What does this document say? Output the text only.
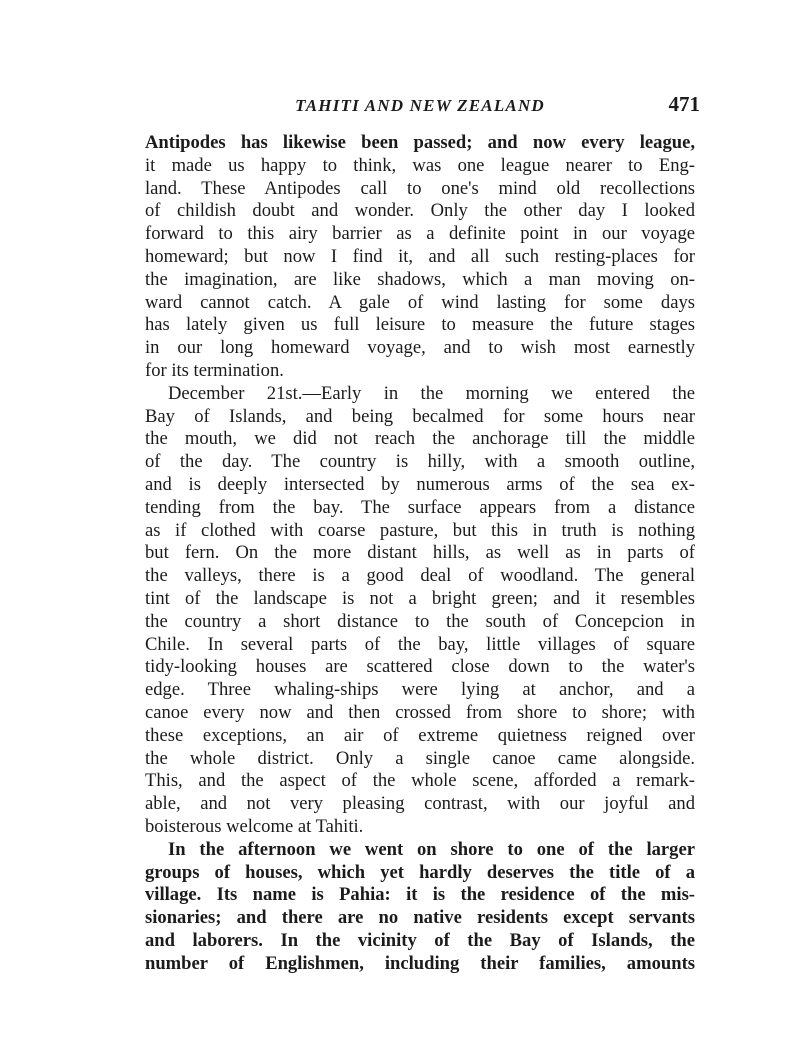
TAHITI AND NEW ZEALAND	471
Antipodes has likewise been passed; and now every league,
it made us happy to think, was one league nearer to Eng-
land. These Antipodes call to one's mind old recollections
of childish doubt and wonder. Only the other day I looked
forward to this airy barrier as a definite point in our voyage
homeward; but now I find it, and all such resting-places for
the imagination, are like shadows, which a man moving on-
ward cannot catch. A gale of wind lasting for some days
has lately given us full leisure to measure the future stages
in our long homeward voyage, and to wish most earnestly
for its termination.
December 21st.—Early in the morning we entered the
Bay of Islands, and being becalmed for some hours near
the mouth, we did not reach the anchorage till the middle
of the day. The country is hilly, with a smooth outline,
and is deeply intersected by numerous arms of the sea ex-
tending from the bay. The surface appears from a distance
as if clothed with coarse pasture, but this in truth is nothing
but fern. On the more distant hills, as well as in parts of
the valleys, there is a good deal of woodland. The general
tint of the landscape is not a bright green; and it resembles
the country a short distance to the south of Concepcion in
Chile. In several parts of the bay, little villages of square
tidy-looking houses are scattered close down to the water's
edge. Three whaling-ships were lying at anchor, and a
canoe every now and then crossed from shore to shore; with
these exceptions, an air of extreme quietness reigned over
the whole district. Only a single canoe came alongside.
This, and the aspect of the whole scene, afforded a remark-
able, and not very pleasing contrast, with our joyful and
boisterous welcome at Tahiti.
In the afternoon we went on shore to one of the larger
groups of houses, which yet hardly deserves the title of a
village. Its name is Pahia: it is the residence of the mis-
sionaries; and there are no native residents except servants
and laborers. In the vicinity of the Bay of Islands, the
number of Englishmen, including their families, amounts
